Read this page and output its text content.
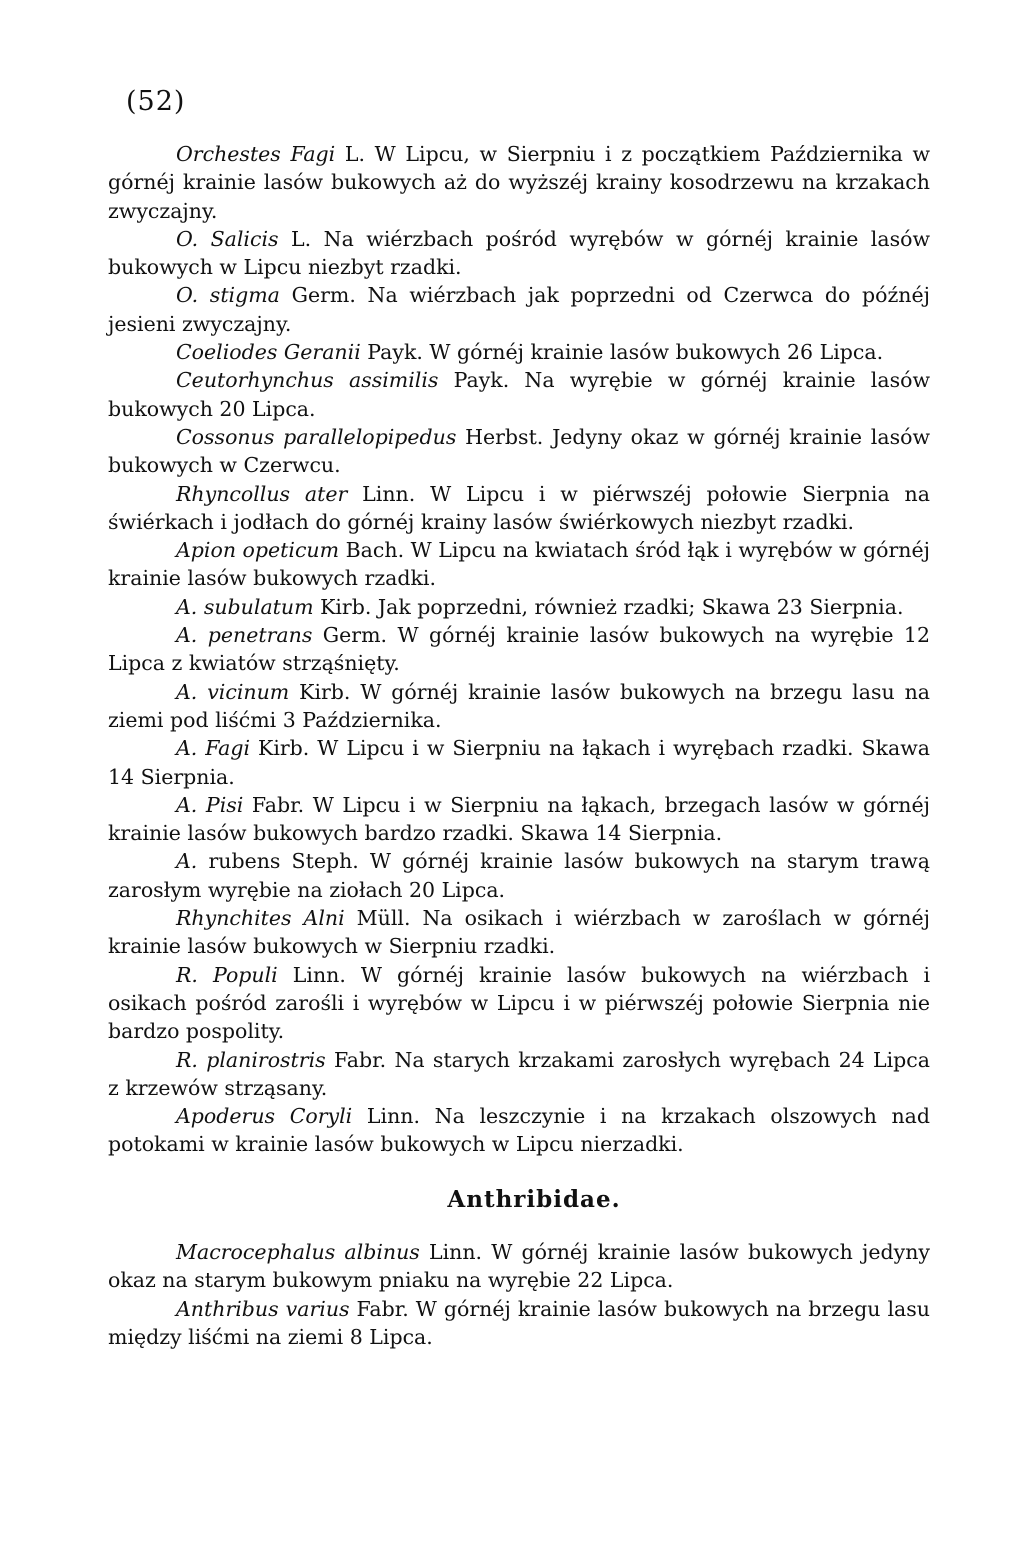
(52)

Orchestes Fagi L. W Lipcu, w Sierpniu i z początkiem Października w górnéj krainie lasów bukowych aż do wyższéj krainy kosodrzewu na krzakach zwyczajny.

O. Salicis L. Na wiérzbach pośród wyrębów w górnéj krainie lasów bukowych w Lipcu niezbyt rzadki.

O. stigma Germ. Na wiérzbach jak poprzedni od Czerwca do późnéj jesieni zwyczajny.

Coeliodes Geranii Payk. W górnéj krainie lasów bukowych 26 Lipca.

Ceutorhynchus assimilis Payk. Na wyrębie w górnéj krainie lasów bukowych 20 Lipca.

Cossonus parallelopipedus Herbst. Jedyny okaz w górnéj krainie lasów bukowych w Czerwcu.

Rhyncollus ater Linn. W Lipcu i w piérwszéj połowie Sierpnia na świérkach i jodłach do górnéj krainy lasów świérkowych niezbyt rzadki.

Apion opeticum Bach. W Lipcu na kwiatach śród łąk i wyrębów w górnéj krainie lasów bukowych rzadki.

A. subulatum Kirb. Jak poprzedni, również rzadki; Skawa 23 Sierpnia.

A. penetrans Germ. W górnéj krainie lasów bukowych na wyrębie 12 Lipca z kwiatów strząśnięty.

A. vicinum Kirb. W górnéj krainie lasów bukowych na brzegu lasu na ziemi pod liśćmi 3 Października.

A. Fagi Kirb. W Lipcu i w Sierpniu na łąkach i wyrębach rzadki. Skawa 14 Sierpnia.

A. Pisi Fabr. W Lipcu i w Sierpniu na łąkach, brzegach lasów w górnéj krainie lasów bukowych bardzo rzadki. Skawa 14 Sierpnia.

A. rubens Steph. W górnéj krainie lasów bukowych na starym trawą zarosłym wyrębie na ziołach 20 Lipca.

Rhynchites Alni Müll. Na osikach i wiérzbach w zaroślach w górnéj krainie lasów bukowych w Sierpniu rzadki.

R. Populi Linn. W górnéj krainie lasów bukowych na wiérzbach i osikach pośród zarośli i wyrębów w Lipcu i w piérwszéj połowie Sierpnia nie bardzo pospolity.

R. planirostris Fabr. Na starych krzakami zarosłych wyrębach 24 Lipca z krzewów strząsany.

Apoderus Coryli Linn. Na leszczynie i na krzakach olszowych nad potokami w krainie lasów bukowych w Lipcu nierzadki.

Anthribidae.

Macrocephalus albinus Linn. W górnéj krainie lasów bukowych jedyny okaz na starym bukowym pniaku na wyrębie 22 Lipca.

Anthribus varius Fabr. W górnéj krainie lasów bukowych na brzegu lasu między liśćmi na ziemi 8 Lipca.
